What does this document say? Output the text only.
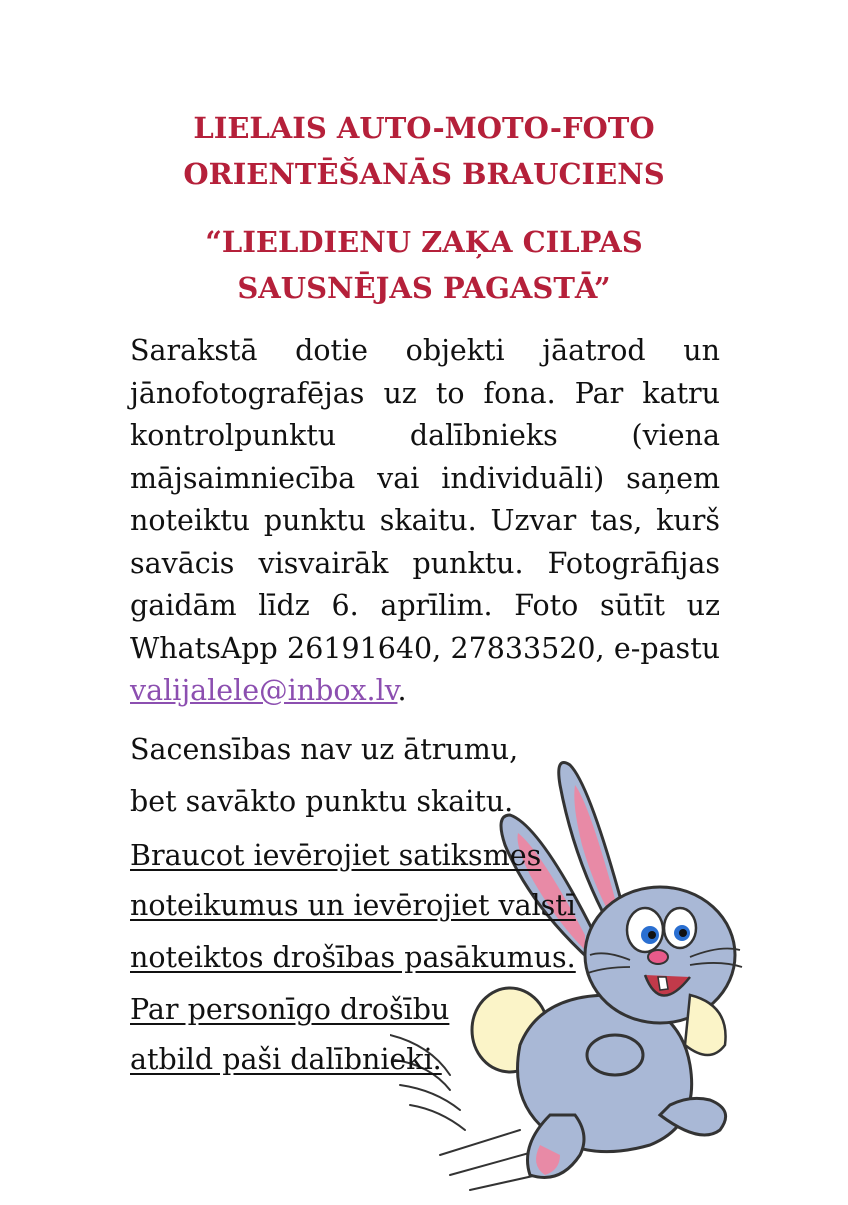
LIELAIS AUTO-MOTO-FOTO
ORIENTĒŠANĀS BRAUCIENS
“LIELDIENU ZAĶA CILPAS
SAUSNĒJAS PAGASTĀ”

Sarakstā dotie objekti jāatrod un jānofotografējas uz to fona. Par katru kontrolpunktu dalībnieks (viena mājsaimniecība vai individuāli) saņem noteiktu punktu skaitu. Uzvar tas, kurš savācis visvairāk punktu. Fotogrāfijas gaidām līdz 6. aprīlim. Foto sūtīt uz WhatsApp 26191640, 27833520, e-pastu valijalele@inbox.lv.

Sacensības nav uz ātrumu,

bet savākto punktu skaitu.

Braucot ievērojiet satiksmes

noteikumus un ievērojiet valstī

noteiktos drošības pasākumus.

Par personīgo drošību

atbild paši dalībnieki.
